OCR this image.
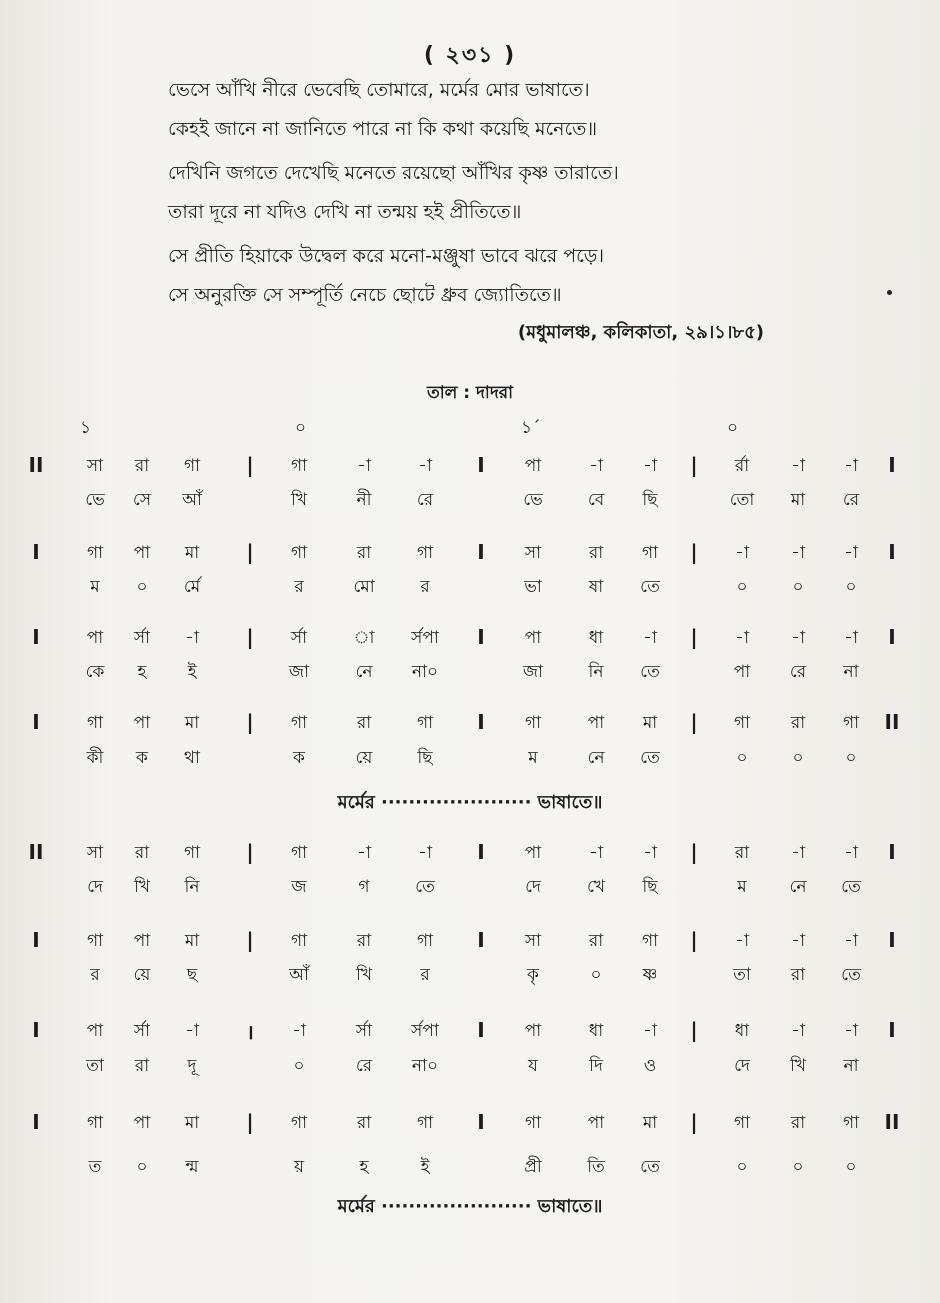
( ২৩১ )
ভেসে আঁখি নীরে ভেবেছি তোমারে, মর্মের মোর ভাষাতে।
কেহই জানে না জানিতে পারে না কি কথা কয়েছি মনেতে॥
দেখিনি জগতে দেখেছি মনেতে রয়েছো আঁখির কৃষ্ণ তারাতে।
তারা দূরে না যদিও দেখি না তন্ময় হই প্রীতিতে॥
সে প্রীতি হিয়াকে উদ্বেল করে মনো-মঞ্জুষা ভাবে ঝরে পড়ে।
সে অনুরক্তি সে সম্পূর্তি নেচে ছোটে ধ্রুব জ্যোতিতে॥
(মধুমালঞ্চ, কলিকাতা, ২৯।১।৮৫)
তাল : দাদরা
১	০	১´	০
II	|	I	|	I
সা	রা	গা	গা	-া	-া	পা	-া	-া	র্রা	-া	-া
ভে	সে	আঁ	খি	নী	রে	ভে	বে	ছি	তো	মা	রে
I	|	I	|	I
গা	পা	মা	গা	রা	গা	সা	রা	গা	-া	-া	-া
ম	০	র্মে	র	মো	র	ভা	ষা	তে	০	০	০
I	|	I	|	I
পা	র্সা	-া	র্সা	া	র্সপা	পা	ধা	-া	-া	-া	-া
কে	হ	ই	জা	নে	না০	জা	নি	তে	পা	রে	না
I	|	I	|	II
গা	পা	মা	গা	রা	গা	গা	পা	মা	গা	রা	গা
কী	ক	থা	ক	য়ে	ছি	ম	নে	তে	০	০	০
II	|	I	|	I
সা	রা	গা	গা	-া	-া	পা	-া	-া	রা	-া	-া
দে	খি	নি	জ	গ	তে	দে	খে	ছি	ম	নে	তে
I	|	I	|	I
গা	পা	মা	গা	রা	গা	সা	রা	গা	-া	-া	-া
র	য়ে	ছ	আঁ	খি	র	কৃ	০	ষ্ণ	তা	রা	তে
I	।	I	|	I
পা	র্সা	-া	-া	র্সা	র্সপা	পা	ধা	-া	ধা	-া	-া
তা	রা	দূ	০	রে	না০	য	দি	ও	দে	খি	না
I	|	I	|	II
গা	পা	মা	গা	রা	গা	গা	পা	মা	গা	রা	গা
ত	০	ন্ম	য়	হ	ই	প্রী	তি	তে	০	০	০
মর্মের ······················ ভাষাতে॥
মর্মের ······················ ভাষাতে॥
